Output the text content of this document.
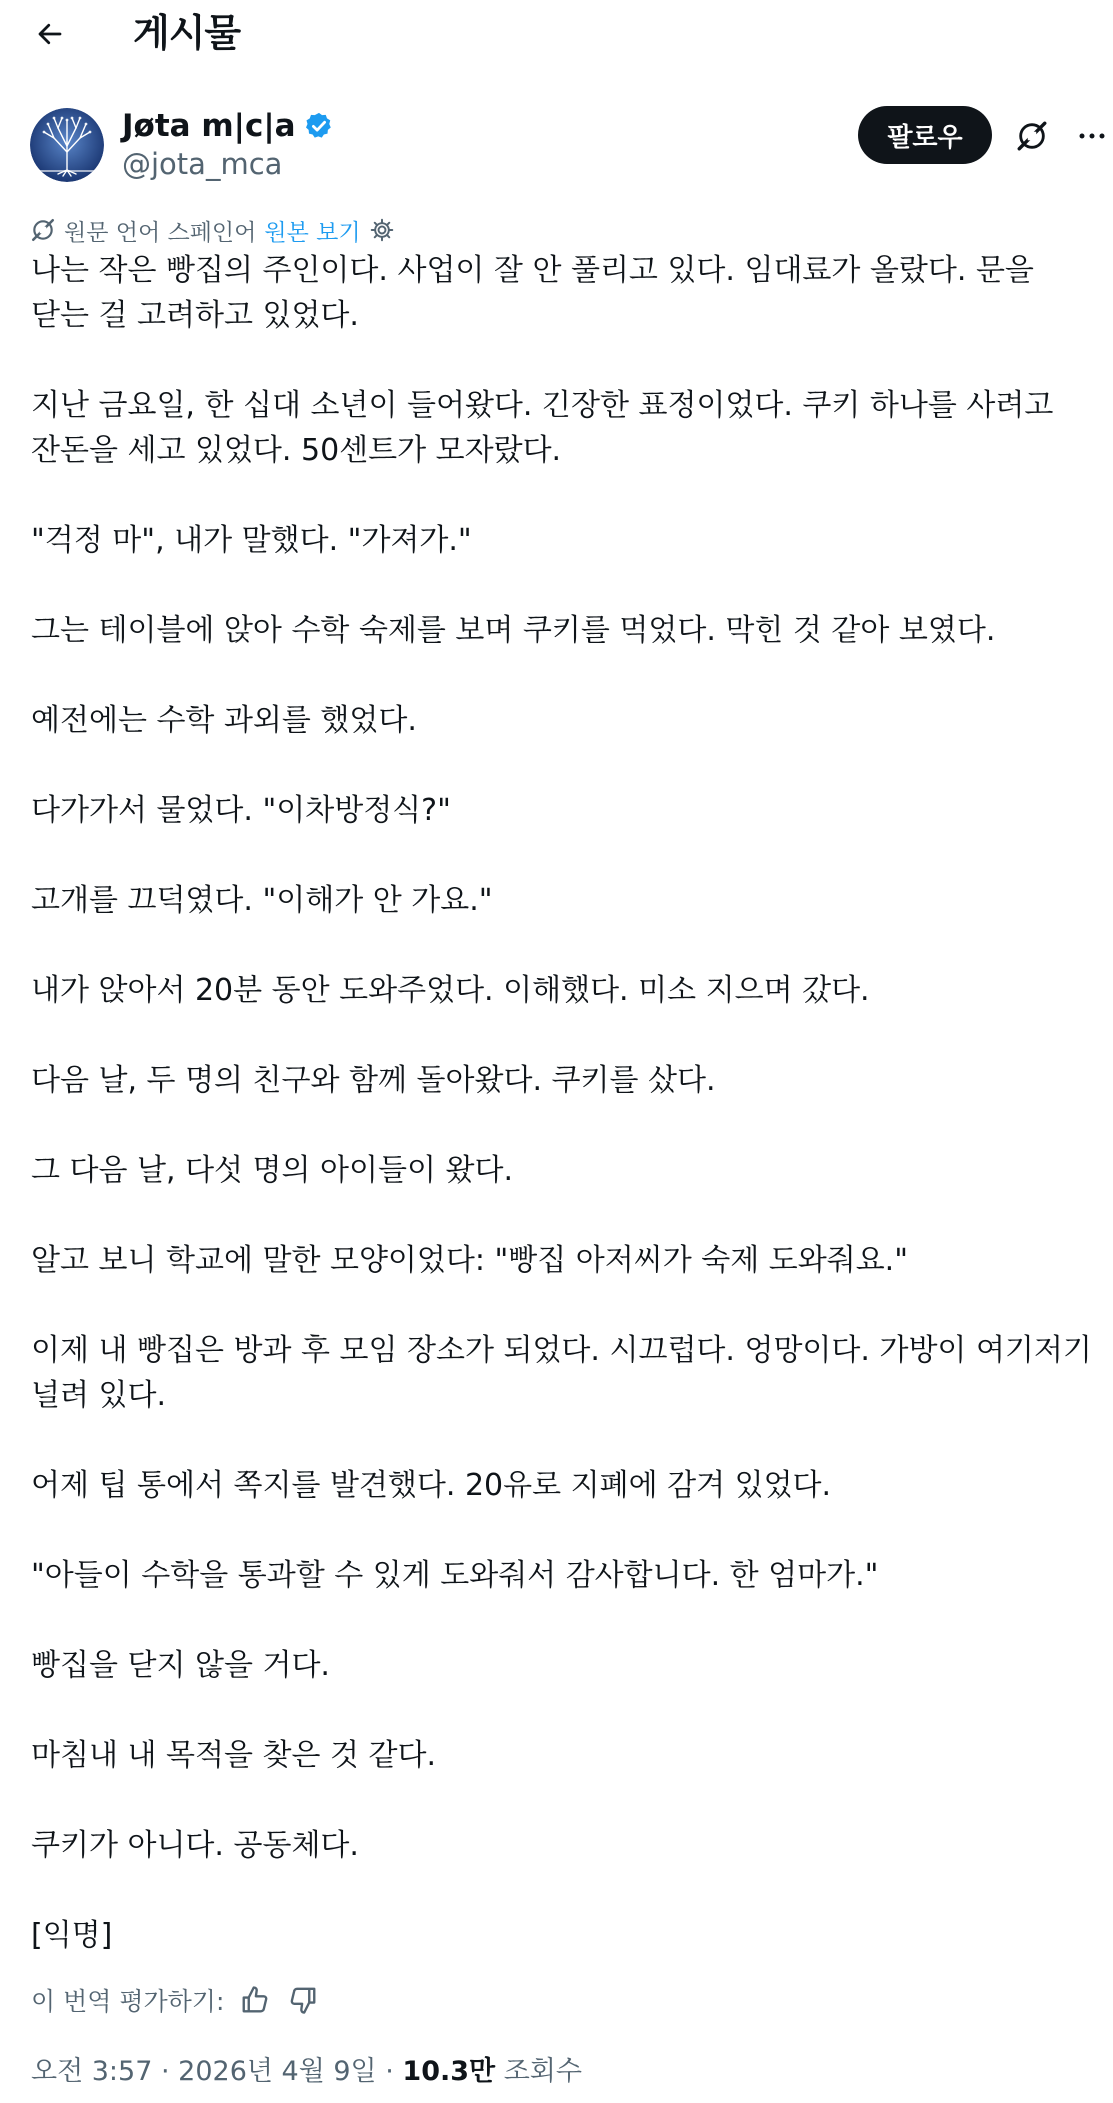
게시물
Jøta m|c|a
@jota_mca
팔로우
원문 언어 스페인어 원본 보기

나는 작은 빵집의 주인이다. 사업이 잘 안 풀리고 있다. 임대료가 올랐다. 문을 닫는 걸 고려하고 있었다.

지난 금요일, 한 십대 소년이 들어왔다. 긴장한 표정이었다. 쿠키 하나를 사려고 잔돈을 세고 있었다. 50센트가 모자랐다.

"걱정 마", 내가 말했다. "가져가."

그는 테이블에 앉아 수학 숙제를 보며 쿠키를 먹었다. 막힌 것 같아 보였다.

예전에는 수학 과외를 했었다.

다가가서 물었다. "이차방정식?"

고개를 끄덕였다. "이해가 안 가요."

내가 앉아서 20분 동안 도와주었다. 이해했다. 미소 지으며 갔다.

다음 날, 두 명의 친구와 함께 돌아왔다. 쿠키를 샀다.

그 다음 날, 다섯 명의 아이들이 왔다.

알고 보니 학교에 말한 모양이었다: "빵집 아저씨가 숙제 도와줘요."

이제 내 빵집은 방과 후 모임 장소가 되었다. 시끄럽다. 엉망이다. 가방이 여기저기 널려 있다.

어제 팁 통에서 쪽지를 발견했다. 20유로 지폐에 감겨 있었다.

"아들이 수학을 통과할 수 있게 도와줘서 감사합니다. 한 엄마가."

빵집을 닫지 않을 거다.

마침내 내 목적을 찾은 것 같다.

쿠키가 아니다. 공동체다.

[익명]

이 번역 평가하기:
오전 3:57 · 2026년 4월 9일 · 10.3만 조회수
